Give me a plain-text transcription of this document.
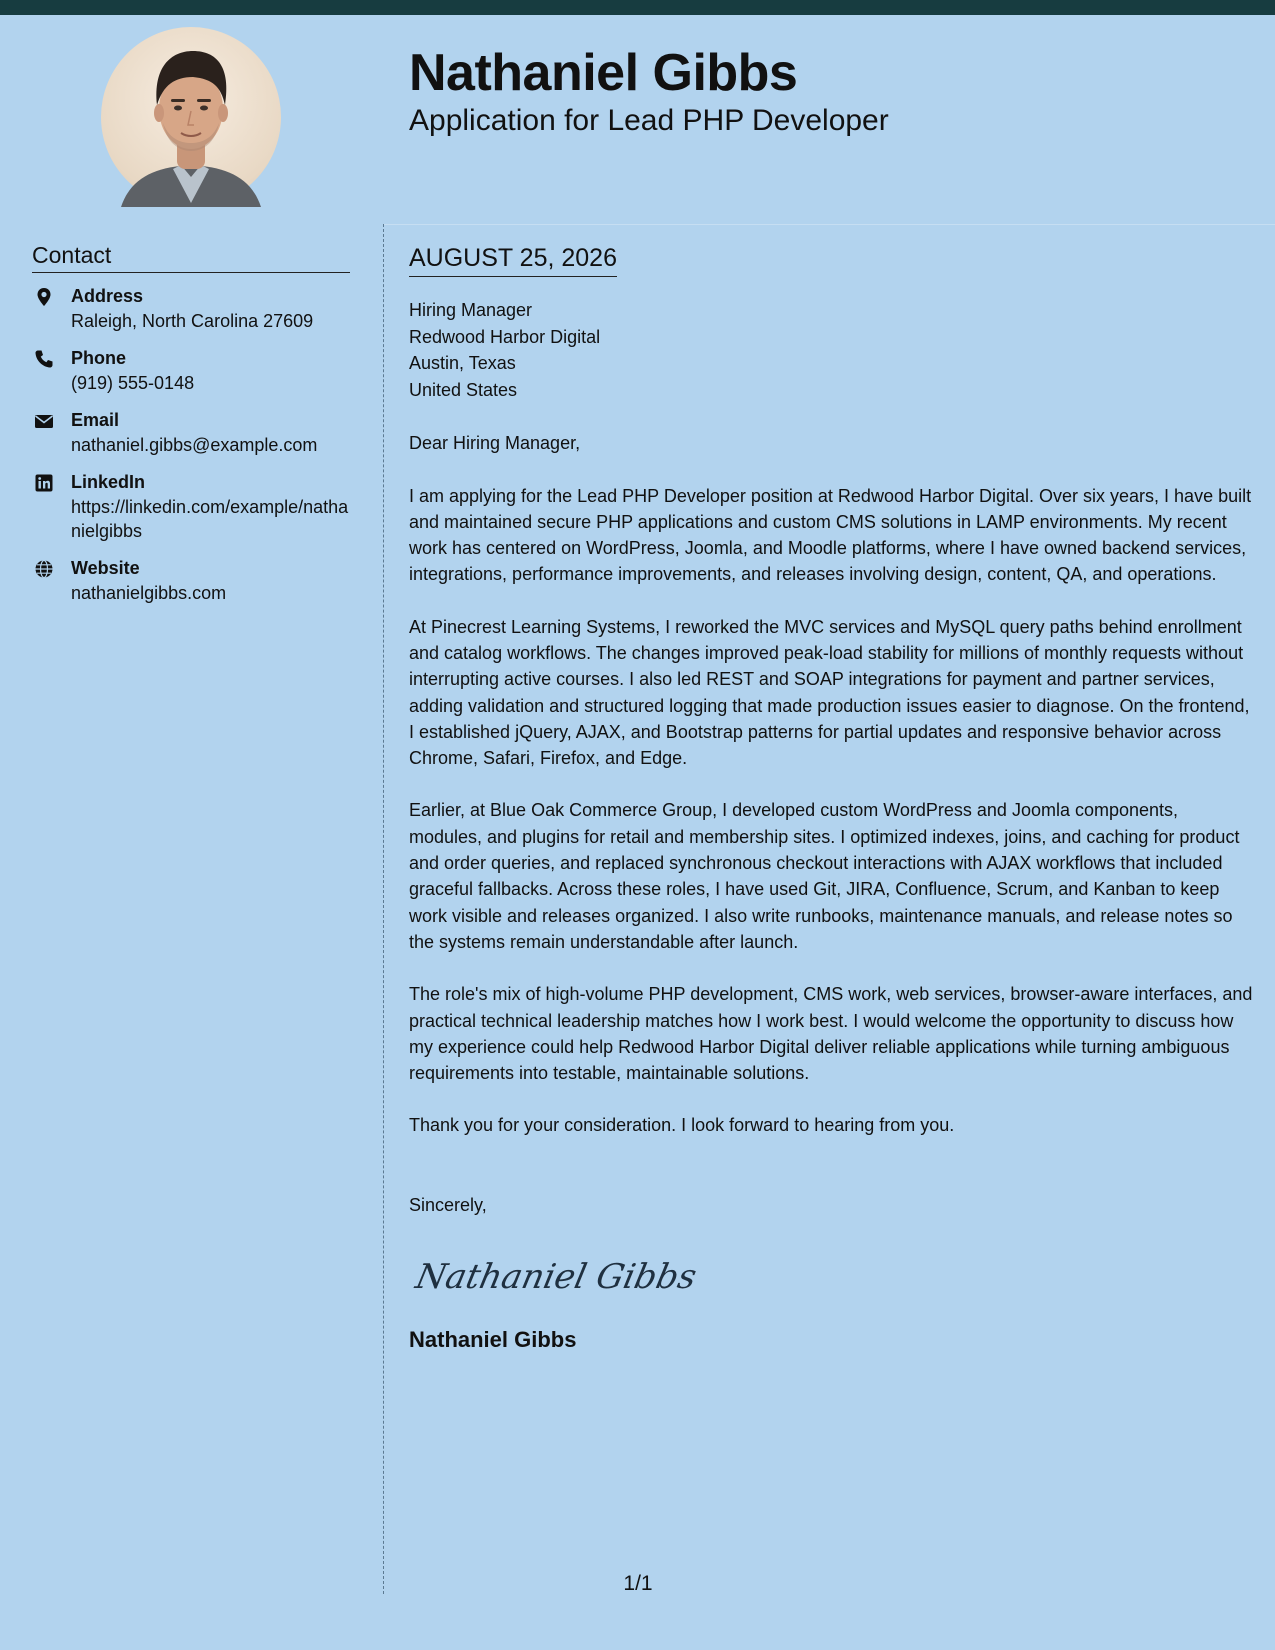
Nathaniel Gibbs
Application for Lead PHP Developer
Contact
Address
Raleigh, North Carolina 27609
Phone
(919) 555-0148
Email
nathaniel.gibbs@example.com
LinkedIn
https://linkedin.com/example/nathanielgibbs
Website
nathanielgibbs.com
AUGUST 25, 2026
Hiring Manager
Redwood Harbor Digital
Austin, Texas
United States
Dear Hiring Manager,
I am applying for the Lead PHP Developer position at Redwood Harbor Digital. Over six years, I have built and maintained secure PHP applications and custom CMS solutions in LAMP environments. My recent work has centered on WordPress, Joomla, and Moodle platforms, where I have owned backend services, integrations, performance improvements, and releases involving design, content, QA, and operations.
At Pinecrest Learning Systems, I reworked the MVC services and MySQL query paths behind enrollment and catalog workflows. The changes improved peak-load stability for millions of monthly requests without interrupting active courses. I also led REST and SOAP integrations for payment and partner services, adding validation and structured logging that made production issues easier to diagnose. On the frontend, I established jQuery, AJAX, and Bootstrap patterns for partial updates and responsive behavior across Chrome, Safari, Firefox, and Edge.
Earlier, at Blue Oak Commerce Group, I developed custom WordPress and Joomla components, modules, and plugins for retail and membership sites. I optimized indexes, joins, and caching for product and order queries, and replaced synchronous checkout interactions with AJAX workflows that included graceful fallbacks. Across these roles, I have used Git, JIRA, Confluence, Scrum, and Kanban to keep work visible and releases organized. I also write runbooks, maintenance manuals, and release notes so the systems remain understandable after launch.
The role's mix of high-volume PHP development, CMS work, web services, browser-aware interfaces, and practical technical leadership matches how I work best. I would welcome the opportunity to discuss how my experience could help Redwood Harbor Digital deliver reliable applications while turning ambiguous requirements into testable, maintainable solutions.
Thank you for your consideration. I look forward to hearing from you.
Sincerely,
Nathaniel Gibbs
Nathaniel Gibbs
1/1
